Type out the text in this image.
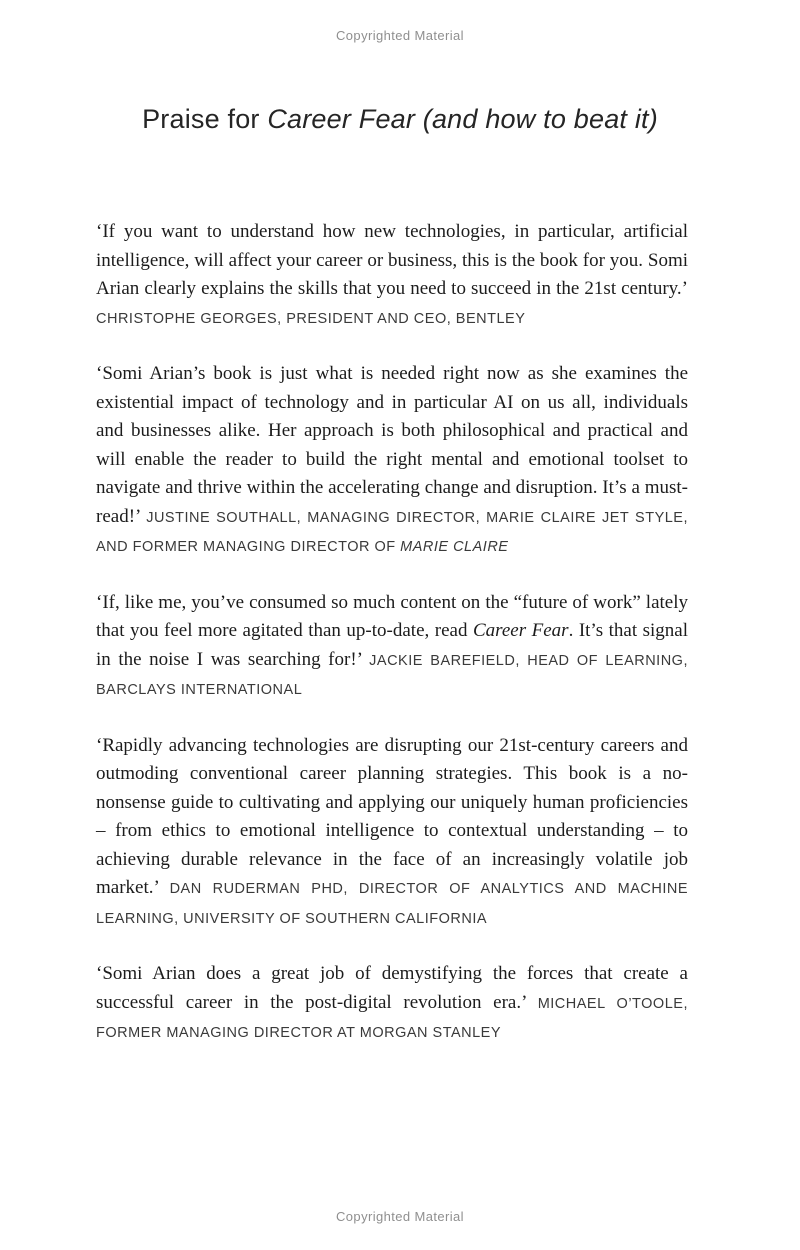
Copyrighted Material
Praise for Career Fear (and how to beat it)

‘If you want to understand how new technologies, in particular, artificial intelligence, will affect your career or business, this is the book for you. Somi Arian clearly explains the skills that you need to succeed in the 21st century.’ CHRISTOPHE GEORGES, PRESIDENT AND CEO, BENTLEY

‘Somi Arian’s book is just what is needed right now as she examines the existential impact of technology and in particular AI on us all, individuals and businesses alike. Her approach is both philosophical and practical and will enable the reader to build the right mental and emotional toolset to navigate and thrive within the accelerating change and disruption. It’s a must-read!’ JUSTINE SOUTHALL, MANAGING DIRECTOR, MARIE CLAIRE JET STYLE, AND FORMER MANAGING DIRECTOR OF MARIE CLAIRE

‘If, like me, you’ve consumed so much content on the “future of work” lately that you feel more agitated than up-to-date, read Career Fear. It’s that signal in the noise I was searching for!’ JACKIE BAREFIELD, HEAD OF LEARNING, BARCLAYS INTERNATIONAL

‘Rapidly advancing technologies are disrupting our 21st-century careers and outmoding conventional career planning strategies. This book is a no-nonsense guide to cultivating and applying our uniquely human proficiencies – from ethics to emotional intelligence to contextual understanding – to achieving durable relevance in the face of an increasingly volatile job market.’ DAN RUDERMAN PHD, DIRECTOR OF ANALYTICS AND MACHINE LEARNING, UNIVERSITY OF SOUTHERN CALIFORNIA

‘Somi Arian does a great job of demystifying the forces that create a successful career in the post-digital revolution era.’ MICHAEL O’TOOLE, FORMER MANAGING DIRECTOR AT MORGAN STANLEY

Copyrighted Material
